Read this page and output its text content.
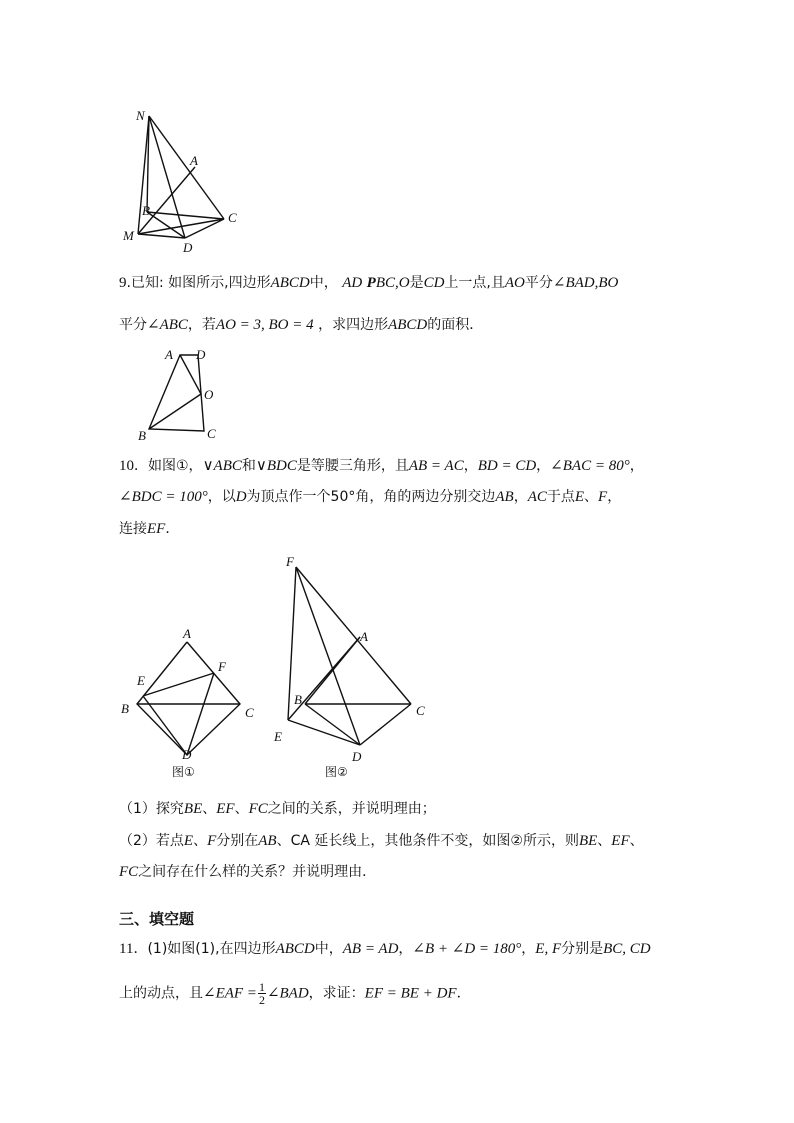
N
A
B	C
M
D
9.已知: 如图所示,四边形ABCD中， AD PBC,O是CD上一点,且AO平分∠BAD,BO
平分∠ABC，若AO = 3, BO = 4 ，求四边形ABCD的面积．
A D
O
B	C
10．如图①，∨ABC和∨BDC是等腰三角形，且AB = AC，BD = CD，∠BAC = 80°，
∠BDC = 100°，以D为顶点作一个50°角，角的两边分别交边AB，AC于点E、F，
连接EF．
A
E
F
B	C
D
图①
F
A
B
C
E
D
图②
（1）探究BE、EF、FC之间的关系，并说明理由；
（2）若点E、F分别在AB、CA 延长线上，其他条件不变，如图②所示，则BE、EF、
FC之间存在什么样的关系？并说明理由．
三、填空题
11．(1)如图(1),在四边形ABCD中，AB = AD，∠B + ∠D = 180°，E, F分别是BC, CD
上的动点，且∠EAF = $\frac{1}{2}$ ∠BAD，求证：EF = BE + DF．
